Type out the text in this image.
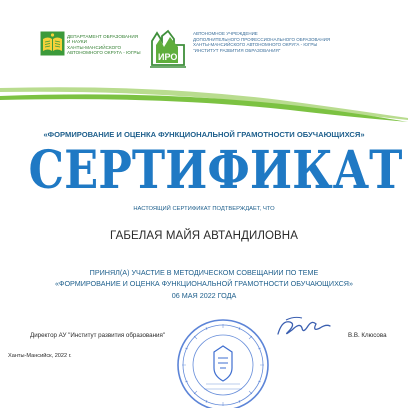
ДЕПАРТАМЕНТ ОБРАЗОВАНИЯ
И НАУКИ
ХАНТЫ-МАНСИЙСКОГО
АВТОНОМНОГО ОКРУГА - ЮГРЫ	ИРО
АВТОНОМНОЕ УЧРЕЖДЕНИЕ
ДОПОЛНИТЕЛЬНОГО ПРОФЕССИОНАЛЬНОГО ОБРАЗОВАНИЯ
ХАНТЫ-МАНСИЙСКОГО АВТОНОМНОГО ОКРУГА - ЮГРЫ
"ИНСТИТУТ РАЗВИТИЯ ОБРАЗОВАНИЯ"
«ФОРМИРОВАНИЕ И ОЦЕНКА ФУНКЦИОНАЛЬНОЙ ГРАМОТНОСТИ ОБУЧАЮЩИХСЯ»
СЕРТИФИКАТ
НАСТОЯЩИЙ СЕРТИФИКАТ ПОДТВЕРЖДАЕТ, ЧТО
ГАБЕЛАЯ МАЙЯ АВТАНДИЛОВНА
ПРИНЯЛ(А) УЧАСТИЕ В МЕТОДИЧЕСКОМ СОВЕЩАНИИ ПО ТЕМЕ
«ФОРМИРОВАНИЕ И ОЦЕНКА ФУНКЦИОНАЛЬНОЙ ГРАМОТНОСТИ ОБУЧАЮЩИХСЯ»
06 МАЯ 2022 ГОДА
Директор АУ "Институт развития образования"	В.В. Клюсова
Ханты-Мансийск, 2022 г.
